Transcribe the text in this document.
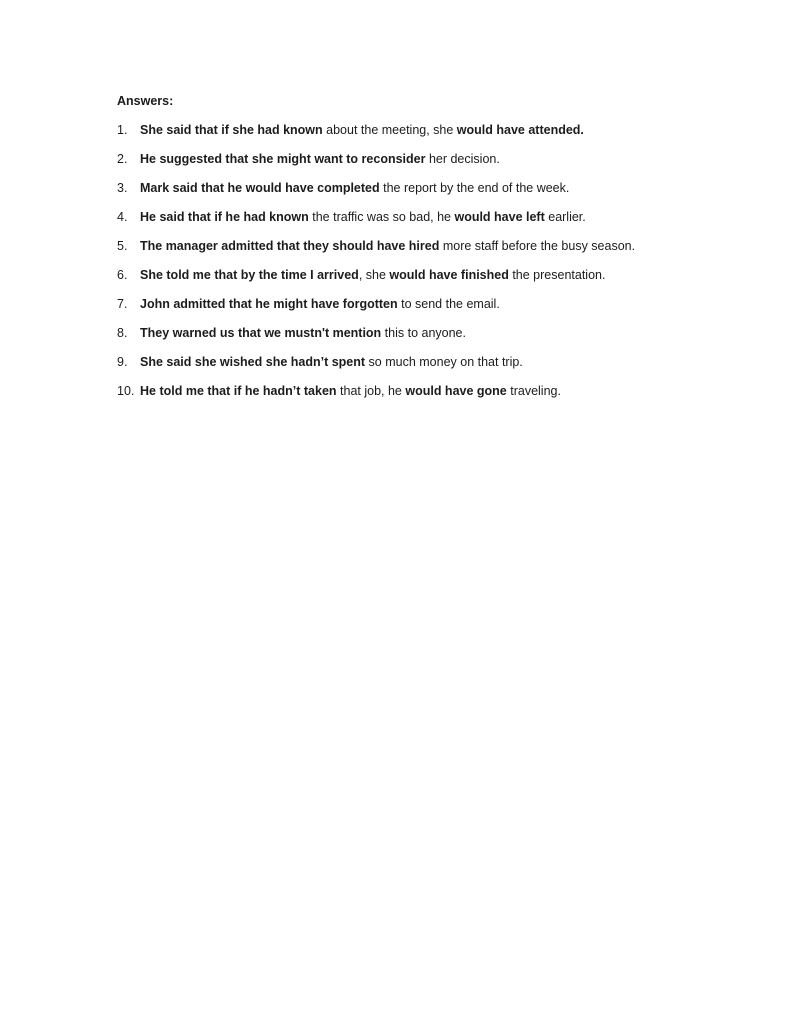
Answers:

1.	She said that if she had known about the meeting, she would have attended.
2.	He suggested that she might want to reconsider her decision.
3.	Mark said that he would have completed the report by the end of the week.
4.	He said that if he had known the traffic was so bad, he would have left earlier.
5.	The manager admitted that they should have hired more staff before the busy season.
6.	She told me that by the time I arrived, she would have finished the presentation.
7.	John admitted that he might have forgotten to send the email.
8.	They warned us that we mustn't mention this to anyone.
9.	She said she wished she hadn’t spent so much money on that trip.
10. He told me that if he hadn’t taken that job, he would have gone traveling.
